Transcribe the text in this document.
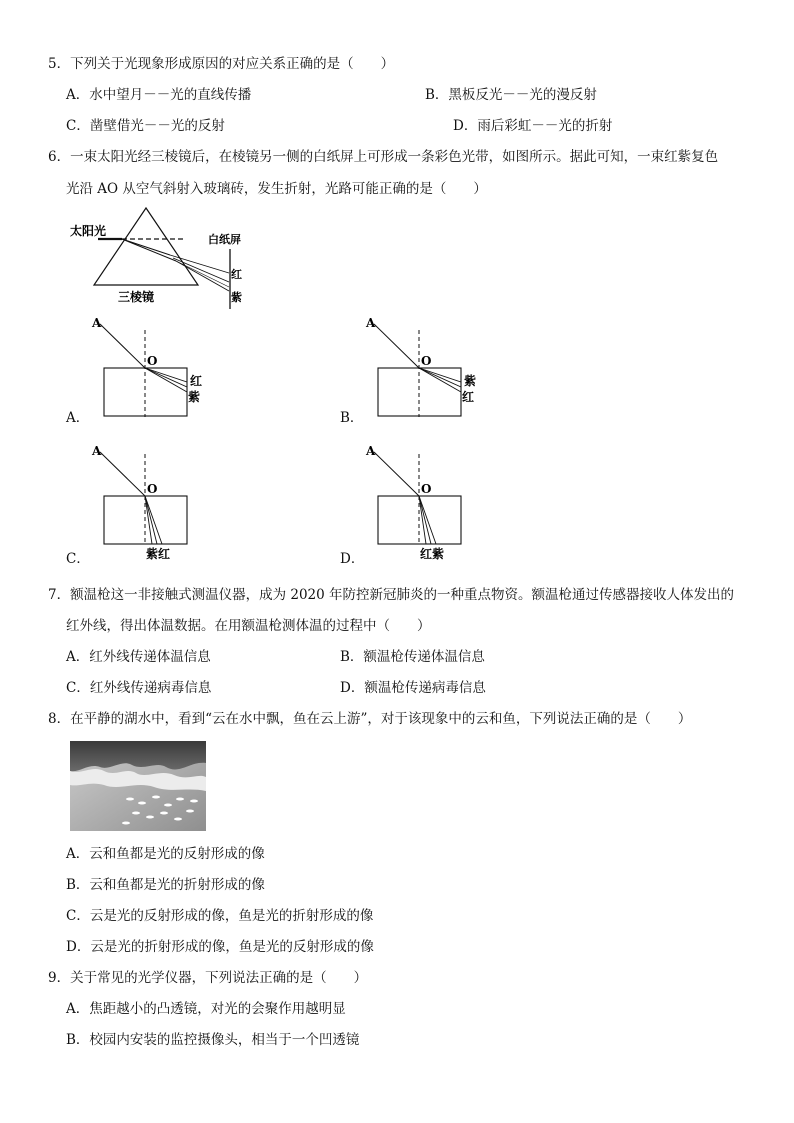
5．下列关于光现象形成原因的对应关系正确的是（　　）
A．水中望月－－光的直线传播	B．黑板反光－－光的漫反射
C．凿壁借光－－光的反射	D．雨后彩虹－－光的折射
6．一束太阳光经三棱镜后，在棱镜另一侧的白纸屏上可形成一条彩色光带，如图所示。据此可知，一束红紫复色
光沿 AO 从空气斜射入玻璃砖，发生折射，光路可能正确的是（　　）
太阳光
白纸屏
红
紫
三棱镜
A
O
红
紫
A．
A
O
紫
红
B．
A
O
紫红
C．
A
O
红紫
D．
7．额温枪这一非接触式测温仪器，成为 2020 年防控新冠肺炎的一种重点物资。额温枪通过传感器接收人体发出的
红外线，得出体温数据。在用额温枪测体温的过程中（　　）
A．红外线传递体温信息	B．额温枪传递体温信息
C．红外线传递病毒信息	D．额温枪传递病毒信息
8．在平静的湖水中，看到“云在水中飘，鱼在云上游”，对于该现象中的云和鱼，下列说法正确的是（　　）
A．云和鱼都是光的反射形成的像
B．云和鱼都是光的折射形成的像
C．云是光的反射形成的像，鱼是光的折射形成的像
D．云是光的折射形成的像，鱼是光的反射形成的像
9．关于常见的光学仪器，下列说法正确的是（　　）
A．焦距越小的凸透镜，对光的会聚作用越明显
B．校园内安装的监控摄像头，相当于一个凹透镜
